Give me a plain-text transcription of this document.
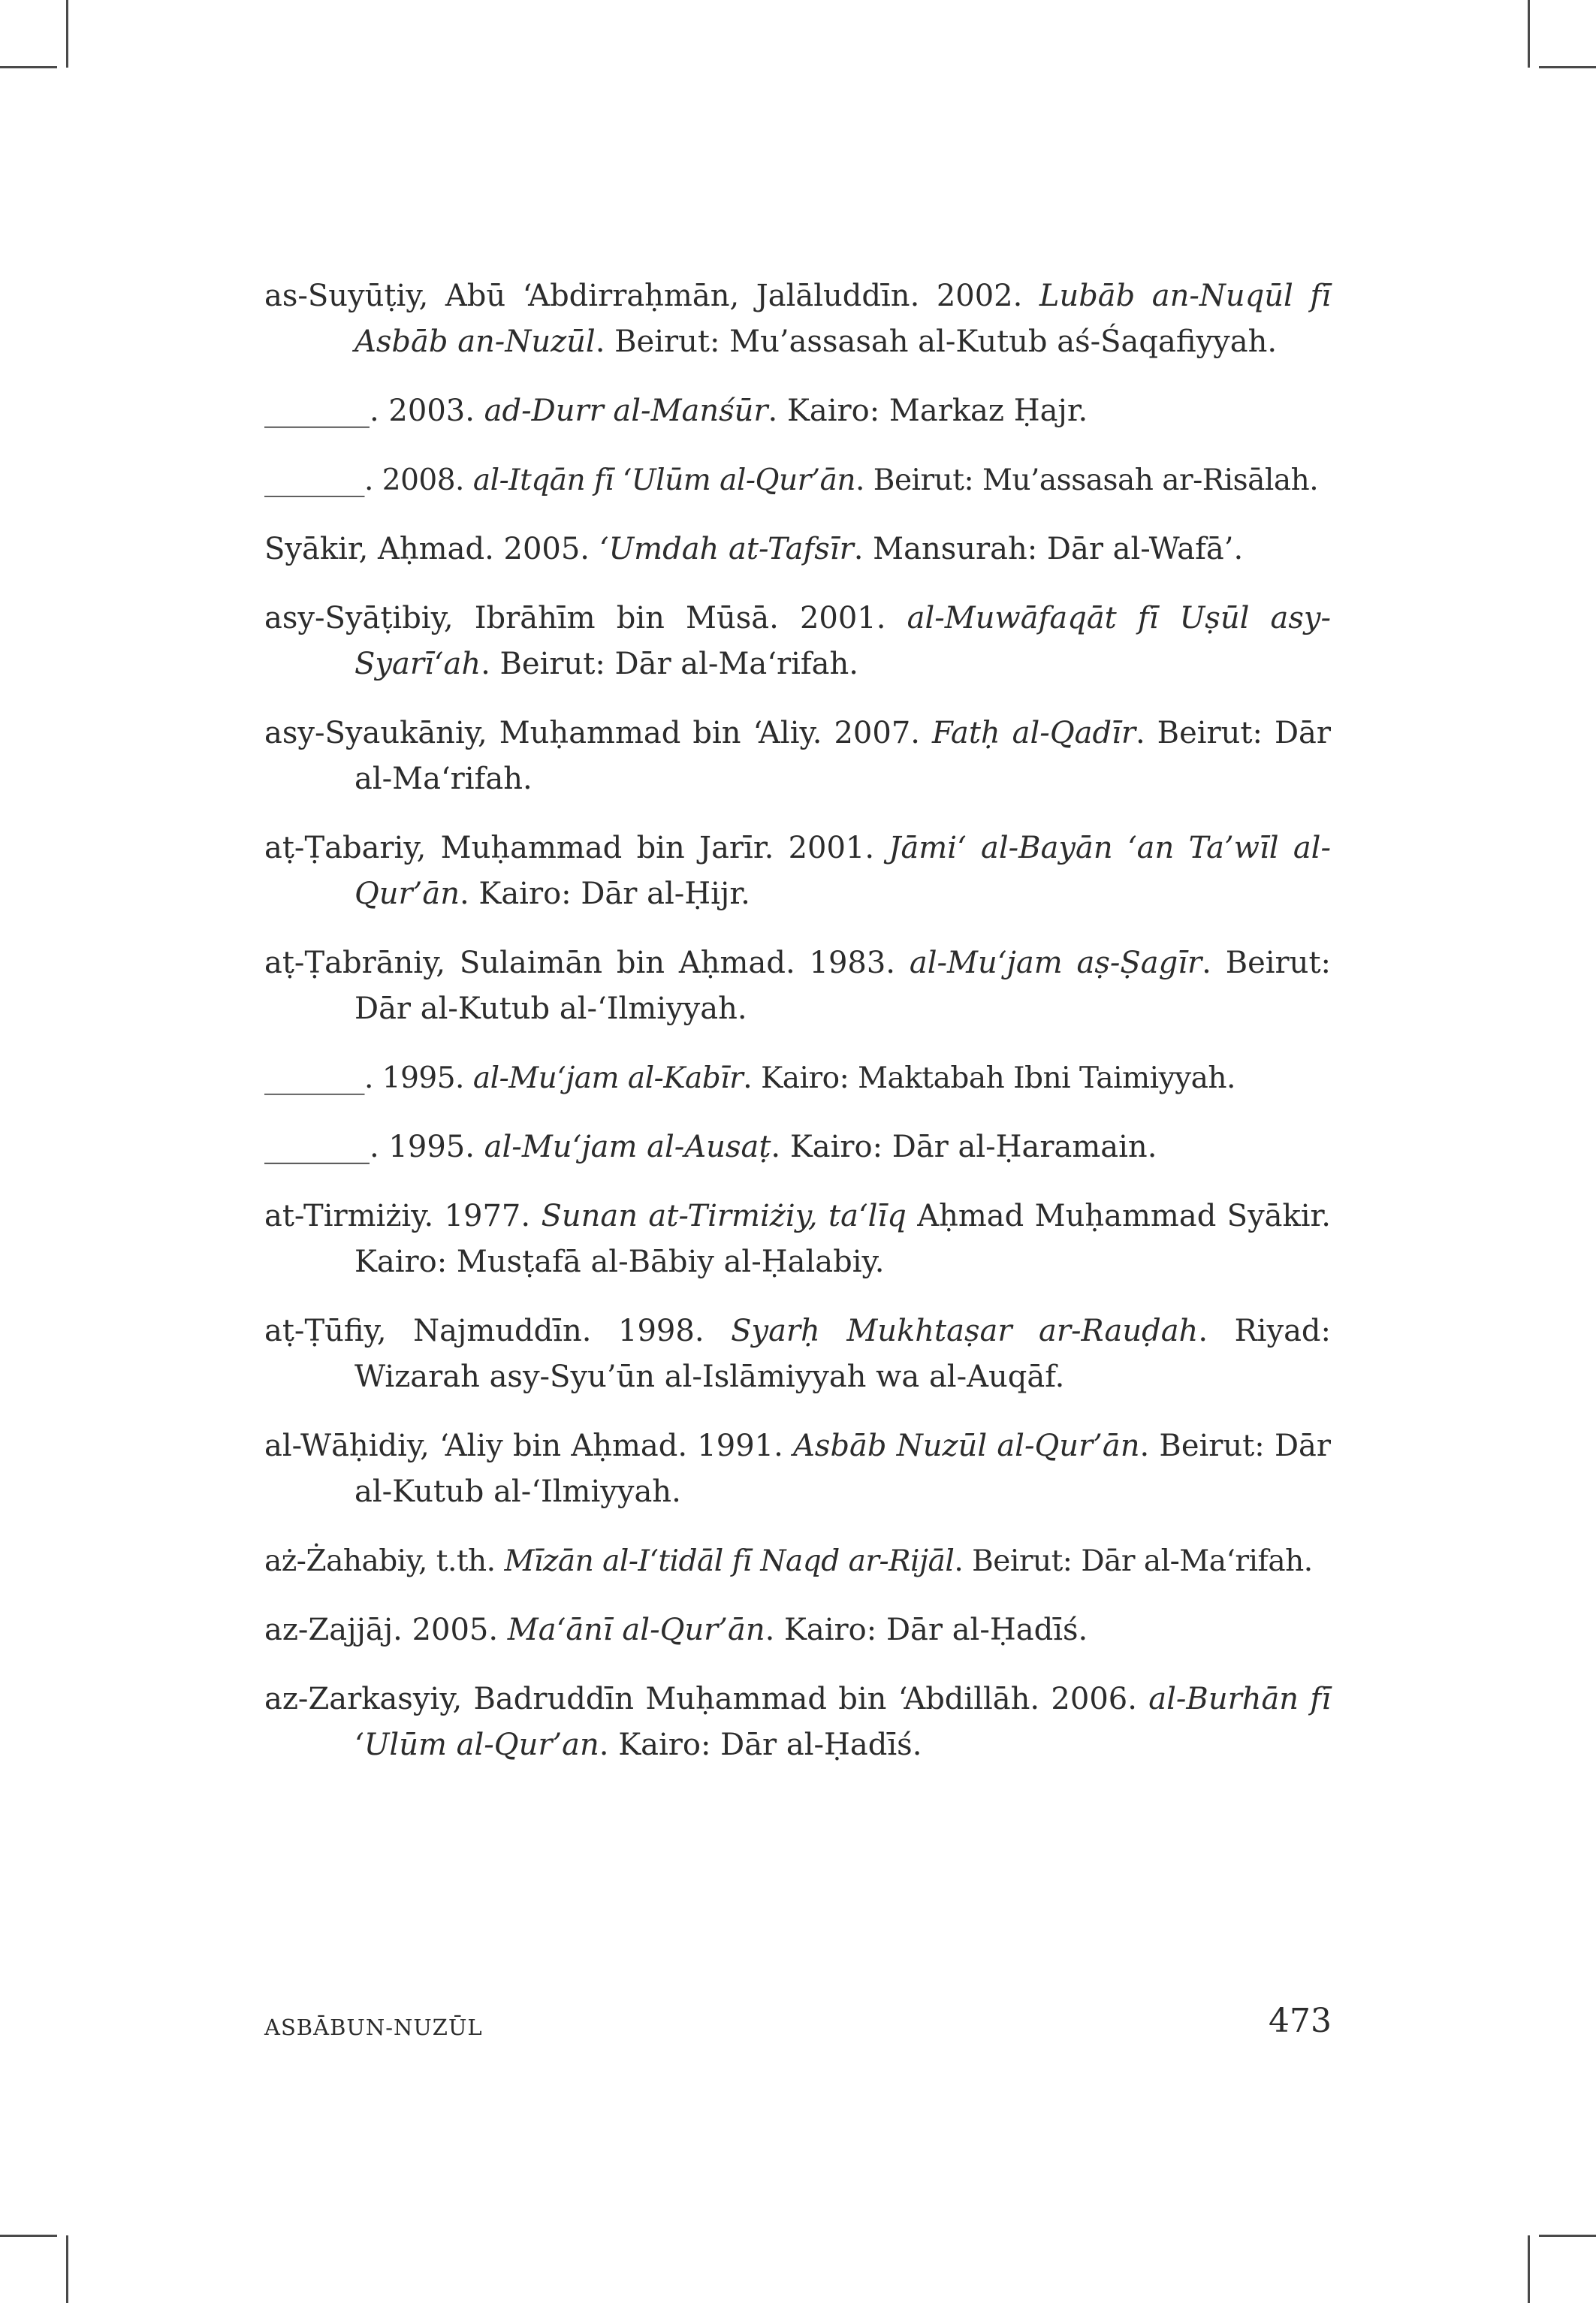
as-Suyūṭiy, Abū ʻAbdirraḥmān, Jalāluddīn. 2002. Lubāb an-Nuqūl fī Asbāb an-Nuzūl. Beirut: Mu’assasah al-Kutub aś-Śaqafiyyah.

_______. 2003. ad-Durr al-Manśūr. Kairo: Markaz Ḥajr.

_______. 2008. al-Itqān fī ‘Ulūm al-Qur’ān. Beirut: Mu’assasah ar-Risālah.

Syākir, Aḥmad. 2005. ‘Umdah at-Tafsīr. Mansurah: Dār al-Wafā’.

asy-Syāṭibiy, Ibrāhīm bin Mūsā. 2001. al-Muwāfaqāt fī Uṣūl asy-Syarī‘ah. Beirut: Dār al-Ma‘rifah.

asy-Syaukāniy, Muḥammad bin ʻAliy. 2007. Fatḥ al-Qadīr. Beirut: Dār al-Ma‘rifah.

aṭ-Ṭabariy, Muḥammad bin Jarīr. 2001. Jāmi‘ al-Bayān ‘an Ta’wīl al-Qur’ān. Kairo: Dār al-Ḥijr.

aṭ-Ṭabrāniy, Sulaimān bin Aḥmad. 1983. al-Mu‘jam aṣ-Ṣagīr. Beirut: Dār al-Kutub al-‘Ilmiyyah.

_______. 1995. al-Mu‘jam al-Kabīr. Kairo: Maktabah Ibni Taimiyyah.

_______. 1995. al-Mu‘jam al-Ausaṭ. Kairo: Dār al-Ḥaramain.

at-Tirmiżiy. 1977. Sunan at-Tirmiżiy, ta‘līq Aḥmad Muḥammad Syākir. Kairo: Musṭafā al-Bābiy al-Ḥalabiy.

aṭ-Ṭūfiy, Najmuddīn. 1998. Syarḥ Mukhtaṣar ar-Rauḍah. Riyad: Wizarah asy-Syu’ūn al-Islāmiyyah wa al-Auqāf.

al-Wāḥidiy, ʻAliy bin Aḥmad. 1991. Asbāb Nuzūl al-Qur’ān. Beirut: Dār al-Kutub al-‘Ilmiyyah.

aż-Żahabiy, t.th. Mīzān al-I‘tidāl fī Naqd ar-Rijāl. Beirut: Dār al-Ma‘rifah.

az-Zajjāj. 2005. Ma‘ānī al-Qur’ān. Kairo: Dār al-Ḥadīś.

az-Zarkasyiy, Badruddīn Muḥammad bin ʻAbdillāh. 2006. al-Burhān fī ‘Ulūm al-Qur’an. Kairo: Dār al-Ḥadīś.

ASBĀBUN-NUZŪL	473
